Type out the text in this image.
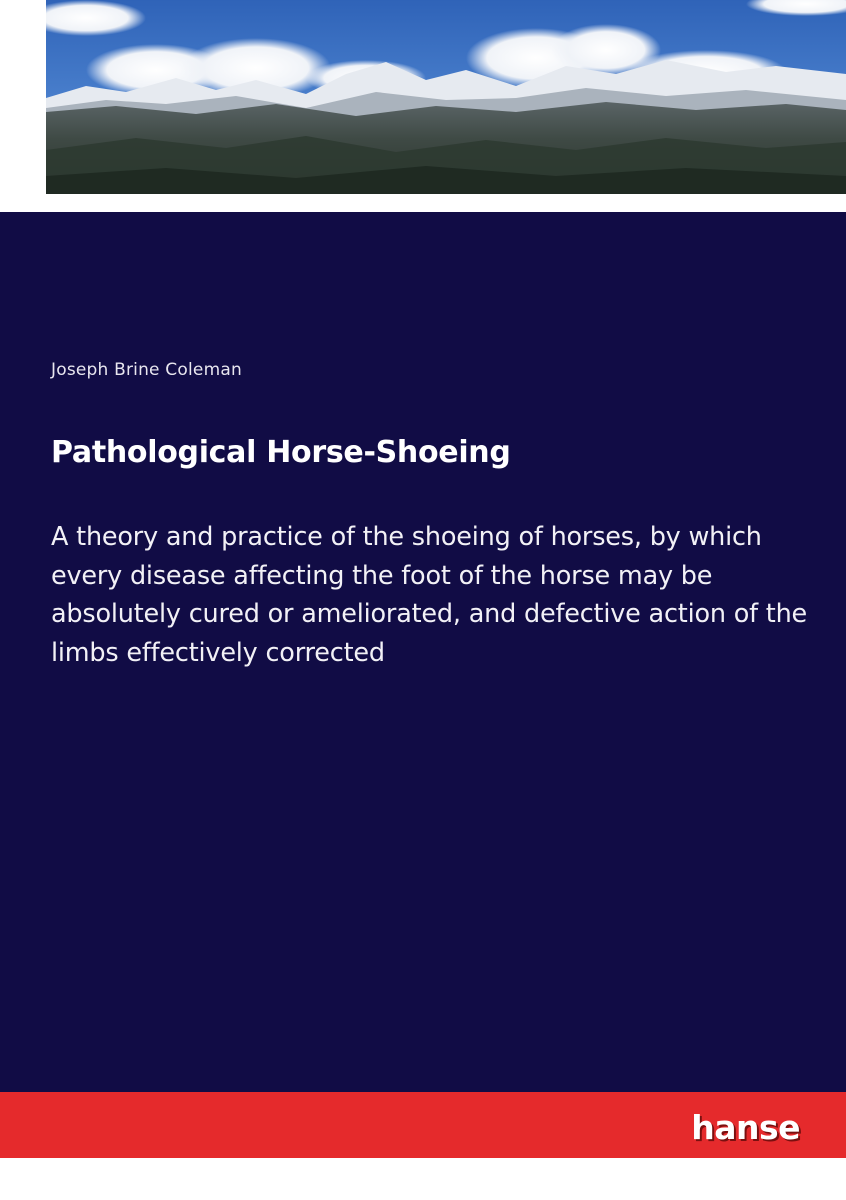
Joseph Brine Coleman
Pathological Horse-Shoeing
A theory and practice of the shoeing of horses, by which every disease affecting the foot of the horse may be absolutely cured or ameliorated, and defective action of the limbs effectively corrected
hanse
